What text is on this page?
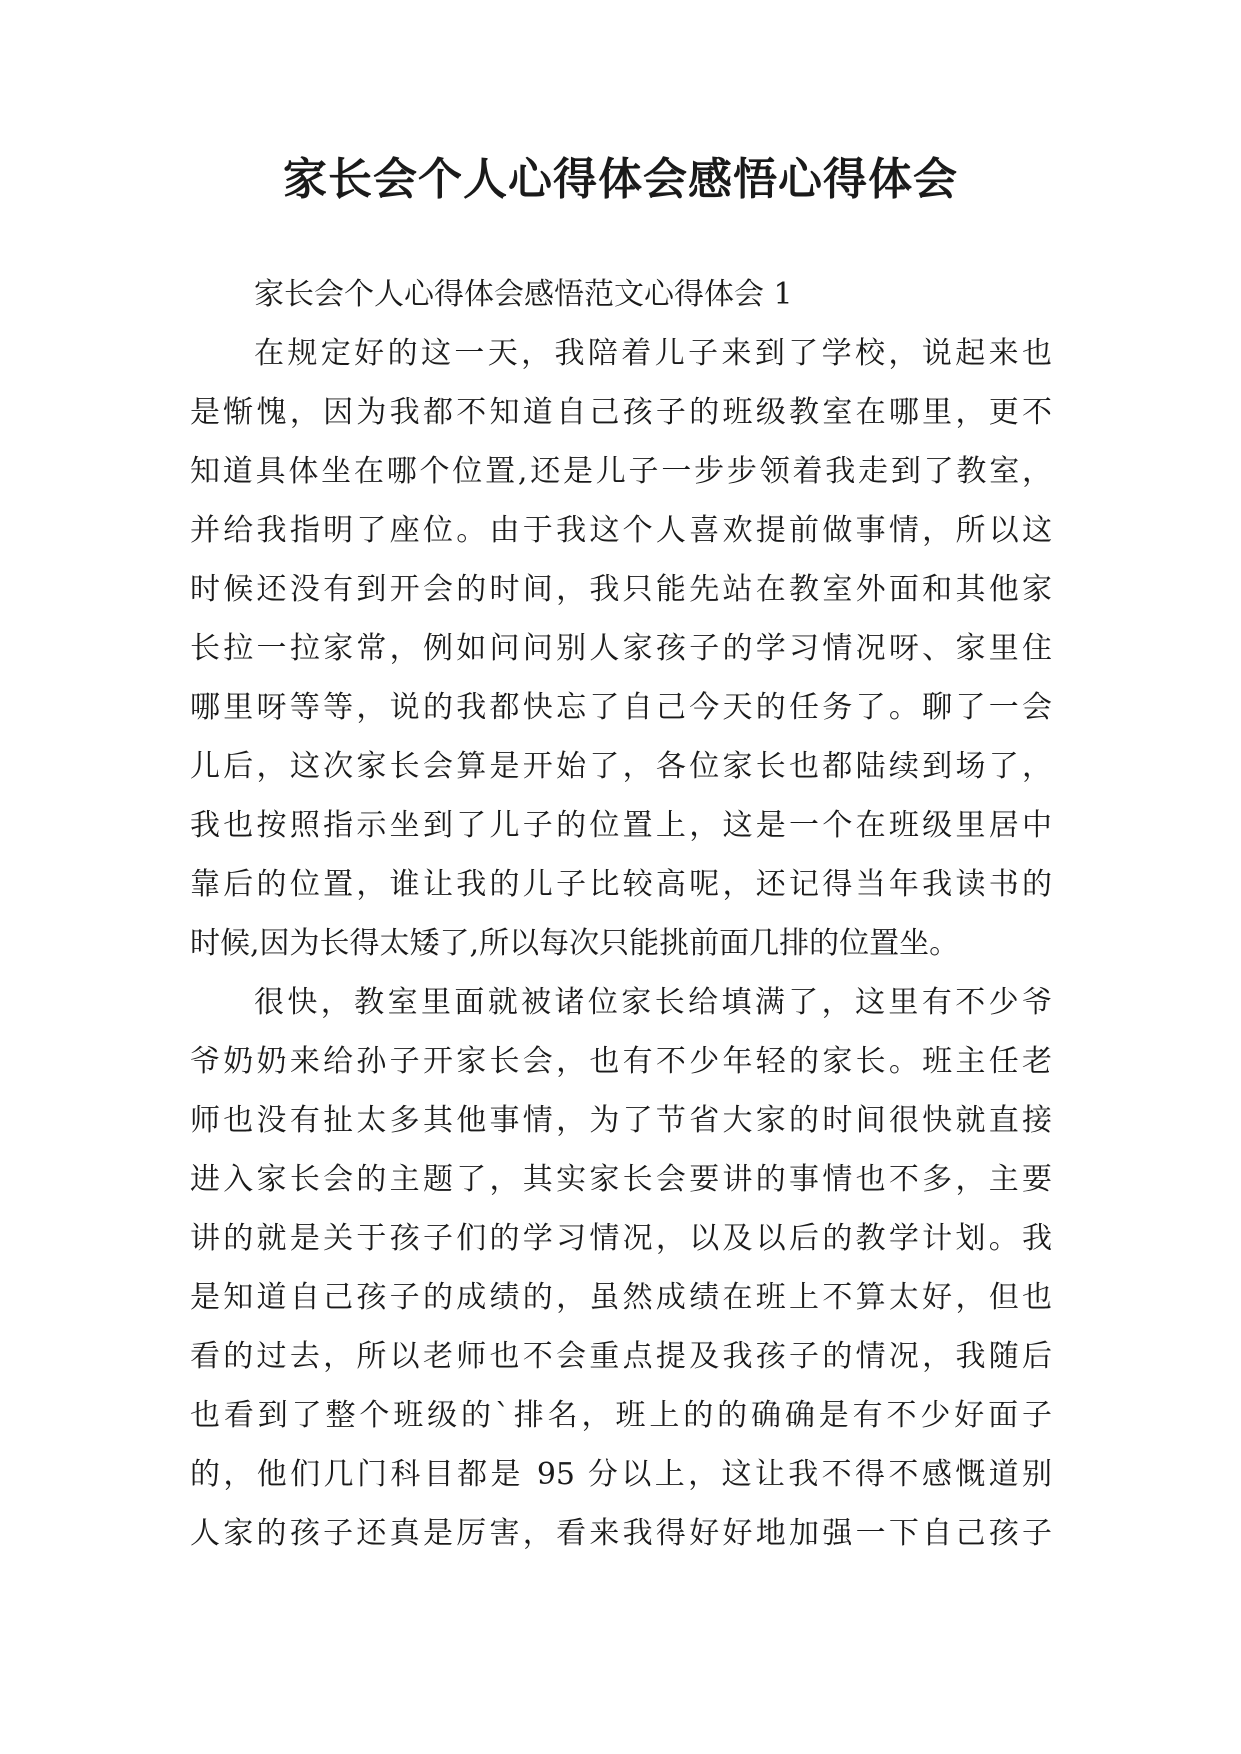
家长会个人心得体会感悟心得体会
家长会个人心得体会感悟范文心得体会 1
在规定好的这一天，我陪着儿子来到了学校，说起来也
是惭愧，因为我都不知道自己孩子的班级教室在哪里，更不
知道具体坐在哪个位置,还是儿子一步步领着我走到了教室，
并给我指明了座位。由于我这个人喜欢提前做事情，所以这
时候还没有到开会的时间，我只能先站在教室外面和其他家
长拉一拉家常，例如问问别人家孩子的学习情况呀、家里住
哪里呀等等，说的我都快忘了自己今天的任务了。聊了一会
儿后，这次家长会算是开始了，各位家长也都陆续到场了，
我也按照指示坐到了儿子的位置上，这是一个在班级里居中
靠后的位置，谁让我的儿子比较高呢，还记得当年我读书的
时候,因为长得太矮了,所以每次只能挑前面几排的位置坐。
很快，教室里面就被诸位家长给填满了，这里有不少爷
爷奶奶来给孙子开家长会，也有不少年轻的家长。班主任老
师也没有扯太多其他事情，为了节省大家的时间很快就直接
进入家长会的主题了，其实家长会要讲的事情也不多，主要
讲的就是关于孩子们的学习情况，以及以后的教学计划。我
是知道自己孩子的成绩的，虽然成绩在班上不算太好，但也
看的过去，所以老师也不会重点提及我孩子的情况，我随后
也看到了整个班级的`排名，班上的的确确是有不少好面子
的，他们几门科目都是 95 分以上，这让我不得不感慨道别
人家的孩子还真是厉害，看来我得好好地加强一下自己孩子
